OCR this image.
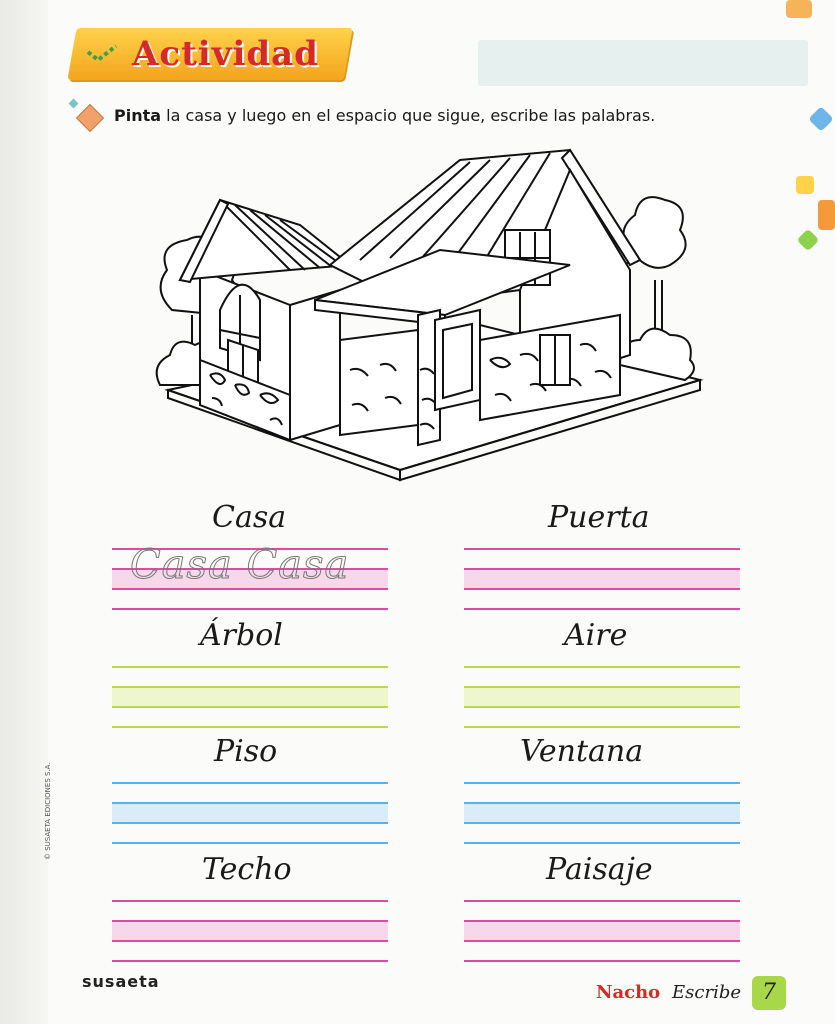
© SUSAETA EDICIONES S.A.
Actividad
Pinta la casa y luego en el espacio que sigue, escribe las palabras.
Casa	Puerta
Casa Casa
Árbol	Aire
Piso	Ventana
Techo	Paisaje
susaeta
Nacho Escribe 7
